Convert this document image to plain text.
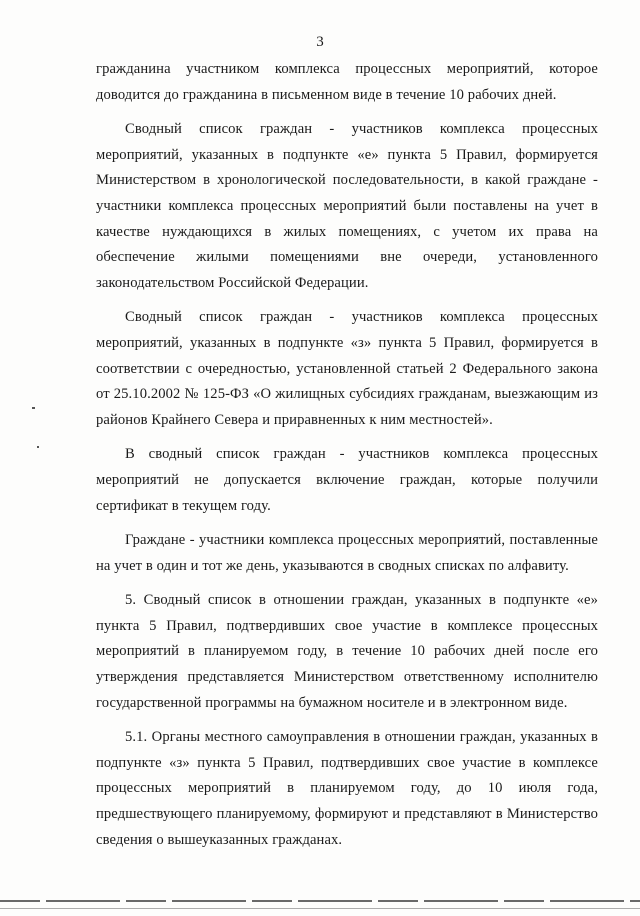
3

гражданина участником комплекса процессных мероприятий, которое доводится до гражданина в письменном виде в течение 10 рабочих дней.

Сводный список граждан - участников комплекса процессных мероприятий, указанных в подпункте «е» пункта 5 Правил, формируется Министерством в хронологической последовательности, в какой граждане - участники комплекса процессных мероприятий были поставлены на учет в качестве нуждающихся в жилых помещениях, с учетом их права на обеспечение жилыми помещениями вне очереди, установленного законодательством Российской Федерации.

Сводный список граждан - участников комплекса процессных мероприятий, указанных в подпункте «з» пункта 5 Правил, формируется в соответствии с очередностью, установленной статьей 2 Федерального закона от 25.10.2002 № 125-ФЗ «О жилищных субсидиях гражданам, выезжающим из районов Крайнего Севера и приравненных к ним местностей».

В сводный список граждан - участников комплекса процессных мероприятий не допускается включение граждан, которые получили сертификат в текущем году.

Граждане - участники комплекса процессных мероприятий, поставленные на учет в один и тот же день, указываются в сводных списках по алфавиту.

5. Сводный список в отношении граждан, указанных в подпункте «е» пункта 5 Правил, подтвердивших свое участие в комплексе процессных мероприятий в планируемом году, в течение 10 рабочих дней после его утверждения представляется Министерством ответственному исполнителю государственной программы на бумажном носителе и в электронном виде.

5.1. Органы местного самоуправления в отношении граждан, указанных в подпункте «з» пункта 5 Правил, подтвердивших свое участие в комплексе процессных мероприятий в планируемом году, до 10 июля года, предшествующего планируемому, формируют и представляют в Министерство сведения о вышеуказанных гражданах.
